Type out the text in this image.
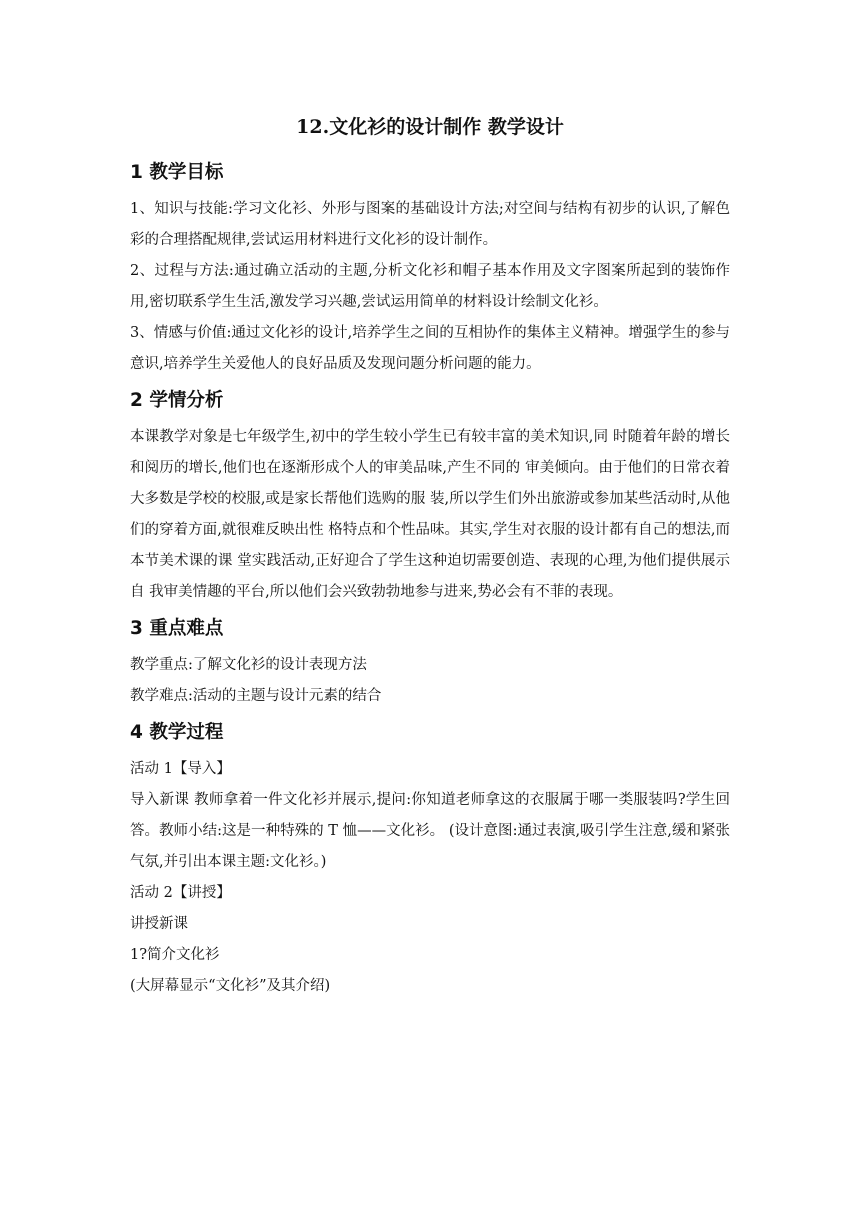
12.文化衫的设计制作 教学设计
1 教学目标

1、知识与技能:学习文化衫、外形与图案的基础设计方法;对空间与结构有初步的认识,了解色彩的合理搭配规律,尝试运用材料进行文化衫的设计制作。

2、过程与方法:通过确立活动的主题,分析文化衫和帽子基本作用及文字图案所起到的装饰作用,密切联系学生生活,激发学习兴趣,尝试运用简单的材料设计绘制文化衫。

3、情感与价值:通过文化衫的设计,培养学生之间的互相协作的集体主义精神。增强学生的参与意识,培养学生关爱他人的良好品质及发现问题分析问题的能力。

2 学情分析

本课教学对象是七年级学生,初中的学生较小学生已有较丰富的美术知识,同 时随着年龄的增长和阅历的增长,他们也在逐渐形成个人的审美品味,产生不同的 审美倾向。由于他们的日常衣着大多数是学校的校服,或是家长帮他们选购的服 装,所以学生们外出旅游或参加某些活动时,从他们的穿着方面,就很难反映出性 格特点和个性品味。其实,学生对衣服的设计都有自己的想法,而本节美术课的课 堂实践活动,正好迎合了学生这种迫切需要创造、表现的心理,为他们提供展示自 我审美情趣的平台,所以他们会兴致勃勃地参与进来,势必会有不菲的表现。

3 重点难点

教学重点:了解文化衫的设计表现方法

教学难点:活动的主题与设计元素的结合

4 教学过程

活动 1【导入】

导入新课 教师拿着一件文化衫并展示,提问:你知道老师拿这的衣服属于哪一类服装吗?学生回答。教师小结:这是一种特殊的 T 恤——文化衫。 (设计意图:通过表演,吸引学生注意,缓和紧张气氛,并引出本课主题:文化衫。)

活动 2【讲授】

讲授新课

1?简介文化衫

(大屏幕显示“文化衫”及其介绍)
